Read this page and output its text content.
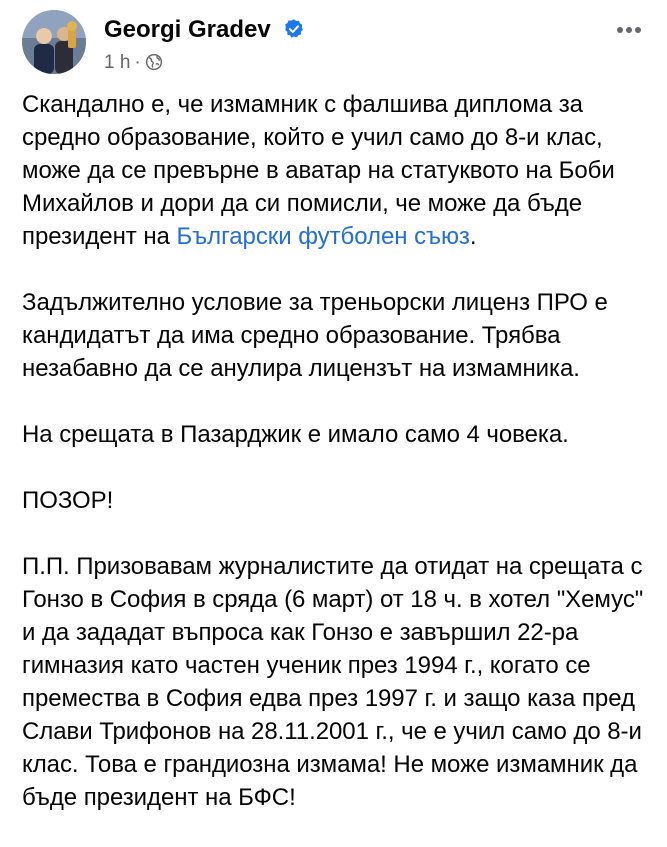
Georgi Gradev
1 h ·

Скандално е, че измамник с фалшива диплома за средно образование, който е учил само до 8-и клас, може да се превърне в аватар на статуквото на Боби Михайлов и дори да си помисли, че може да бъде президент на Български футболен съюз.

Задължително условие за треньорски лиценз ПРО е кандидатът да има средно образование. Трябва незабавно да се анулира лицензът на измамника.

На срещата в Пазарджик е имало само 4 човека.

ПОЗОР!

П.П. Призовавам журналистите да отидат на срещата с Гонзо в София в сряда (6 март) от 18 ч. в хотел "Хемус" и да зададат въпроса как Гонзо е завършил 22-ра гимназия като частен ученик през 1994 г., когато се премества в София едва през 1997 г. и защо каза пред Слави Трифонов на 28.11.2001 г., че е учил само до 8-и клас. Това е грандиозна измама! Не може измамник да бъде президент на БФС!
